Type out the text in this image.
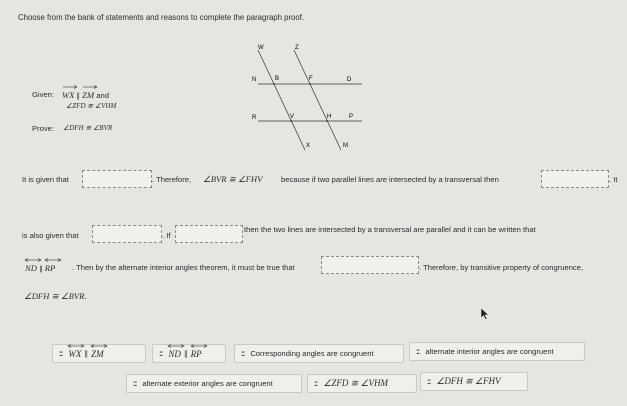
Choose from the bank of statements and reasons to complete the paragraph proof.
Given: WX ∥ ZM and
∠ZFD ≅ ∠VHM
Prove: ∠DFH ≅ ∠BVR
W	Z
N	B	F	D
R	V	H	P
X	M
It is given that	. Therefore, ∠BVR ≅ ∠FHV because if two parallel lines are intersected by a transversal then	. It
is also given that	. If
then the two lines are intersected by a transversal are parallel and it can be written that
ND ∥ RP . Then by the alternate interior angles theorem, it must be true that	. Therefore, by transitive property of congruence,
∠DFH ≅ ∠BVR.
:: WX ∥ ZM	:: ND ∥ RP	:: Corresponding angles are congruent	:: alternate interior angles are congruent
:: alternate exterior angles are congruent	:: ∠ZFD ≅ ∠VHM	:: ∠DFH ≅ ∠FHV
